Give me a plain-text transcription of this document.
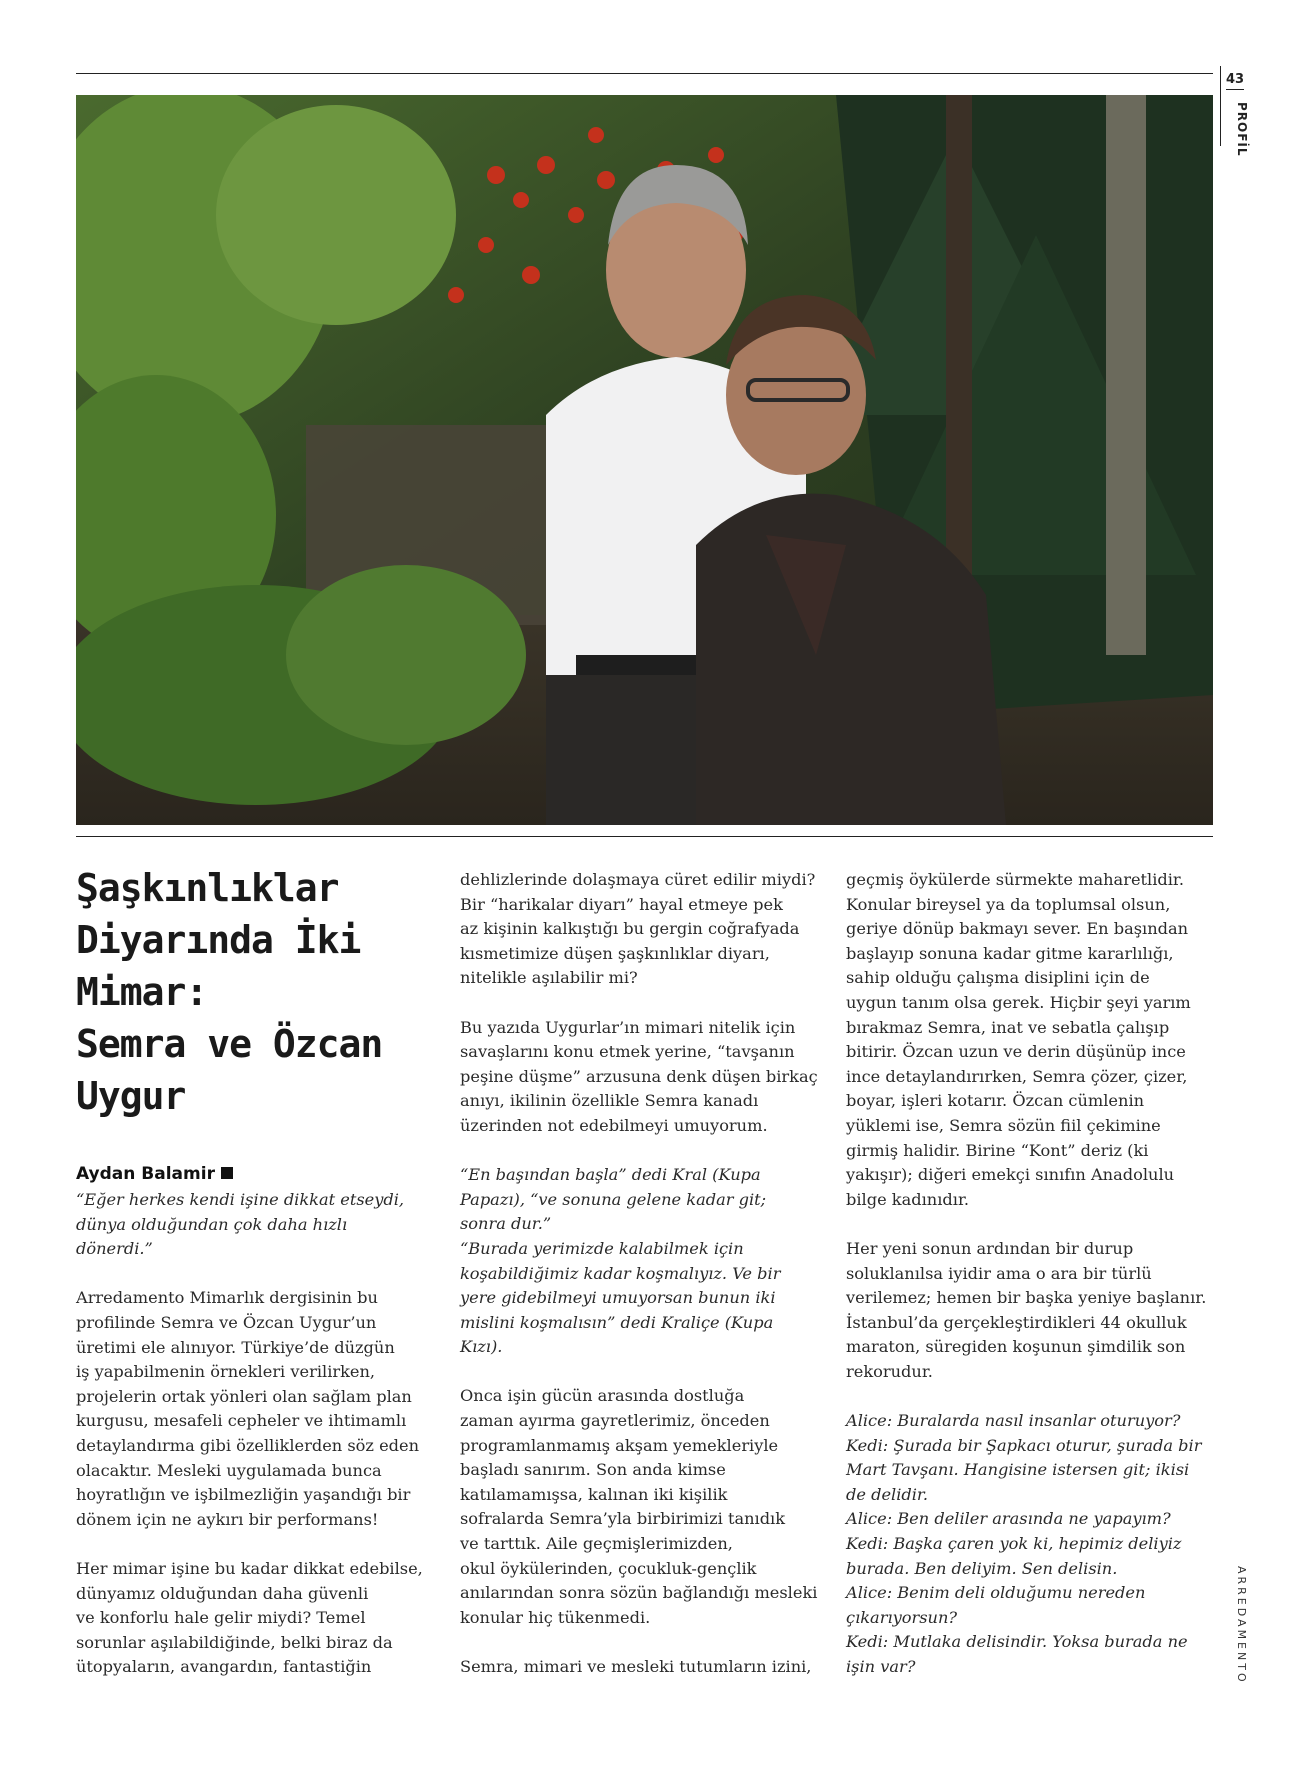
43
PROFİL
Şaşkınlıklar
Diyarında İki
Mimar:
Semra ve Özcan
Uygur
Aydan Balamir

“Eğer herkes kendi işine dikkat etseydi,
dünya olduğundan çok daha hızlı
dönerdi.”

Arredamento Mimarlık dergisinin bu
profilinde Semra ve Özcan Uygur’un
üretimi ele alınıyor. Türkiye’de düzgün
iş yapabilmenin örnekleri verilirken,
projelerin ortak yönleri olan sağlam plan
kurgusu, mesafeli cepheler ve ihtimamlı
detaylandırma gibi özelliklerden söz eden
olacaktır. Mesleki uygulamada bunca
hoyratlığın ve işbilmezliğin yaşandığı bir
dönem için ne aykırı bir performans!

Her mimar işine bu kadar dikkat edebilse,
dünyamız olduğundan daha güvenli
ve konforlu hale gelir miydi? Temel
sorunlar aşılabildiğinde, belki biraz da
ütopyaların, avangardın, fantastiğin

dehlizlerinde dolaşmaya cüret edilir miydi?
Bir “harikalar diyarı” hayal etmeye pek
az kişinin kalkıştığı bu gergin coğrafyada
kısmetimize düşen şaşkınlıklar diyarı,
nitelikle aşılabilir mi?

Bu yazıda Uygurlar’ın mimari nitelik için
savaşlarını konu etmek yerine, “tavşanın
peşine düşme” arzusuna denk düşen birkaç
anıyı, ikilinin özellikle Semra kanadı
üzerinden not edebilmeyi umuyorum.

“En başından başla” dedi Kral (Kupa
Papazı), “ve sonuna gelene kadar git;
sonra dur.”
“Burada yerimizde kalabilmek için
koşabildiğimiz kadar koşmalıyız. Ve bir
yere gidebilmeyi umuyorsan bunun iki
mislini koşmalısın” dedi Kraliçe (Kupa
Kızı).

Onca işin gücün arasında dostluğa
zaman ayırma gayretlerimiz, önceden
programlanmamış akşam yemekleriyle
başladı sanırım. Son anda kimse
katılamamışsa, kalınan iki kişilik
sofralarda Semra’yla birbirimizi tanıdık
ve tarttık. Aile geçmişlerimizden,
okul öykülerinden, çocukluk-gençlik
anılarından sonra sözün bağlandığı mesleki
konular hiç tükenmedi.

Semra, mimari ve mesleki tutumların izini,

geçmiş öykülerde sürmekte maharetlidir.
Konular bireysel ya da toplumsal olsun,
geriye dönüp bakmayı sever. En başından
başlayıp sonuna kadar gitme kararlılığı,
sahip olduğu çalışma disiplini için de
uygun tanım olsa gerek. Hiçbir şeyi yarım
bırakmaz Semra, inat ve sebatla çalışıp
bitirir. Özcan uzun ve derin düşünüp ince
ince detaylandırırken, Semra çözer, çizer,
boyar, işleri kotarır. Özcan cümlenin
yüklemi ise, Semra sözün fiil çekimine
girmiş halidir. Birine “Kont” deriz (ki
yakışır); diğeri emekçi sınıfın Anadolulu
bilge kadınıdır.

Her yeni sonun ardından bir durup
soluklanılsa iyidir ama o ara bir türlü
verilemez; hemen bir başka yeniye başlanır.
İstanbul’da gerçekleştirdikleri 44 okulluk
maraton, süregiden koşunun şimdilik son
rekorudur.

Alice: Buralarda nasıl insanlar oturuyor?
Kedi: Şurada bir Şapkacı oturur, şurada bir
Mart Tavşanı. Hangisine istersen git; ikisi
de delidir.
Alice: Ben deliler arasında ne yapayım?
Kedi: Başka çaren yok ki, hepimiz deliyiz
burada. Ben deliyim. Sen delisin.
Alice: Benim deli olduğumu nereden
çıkarıyorsun?
Kedi: Mutlaka delisindir. Yoksa burada ne
işin var?	ARREDAMENTO
